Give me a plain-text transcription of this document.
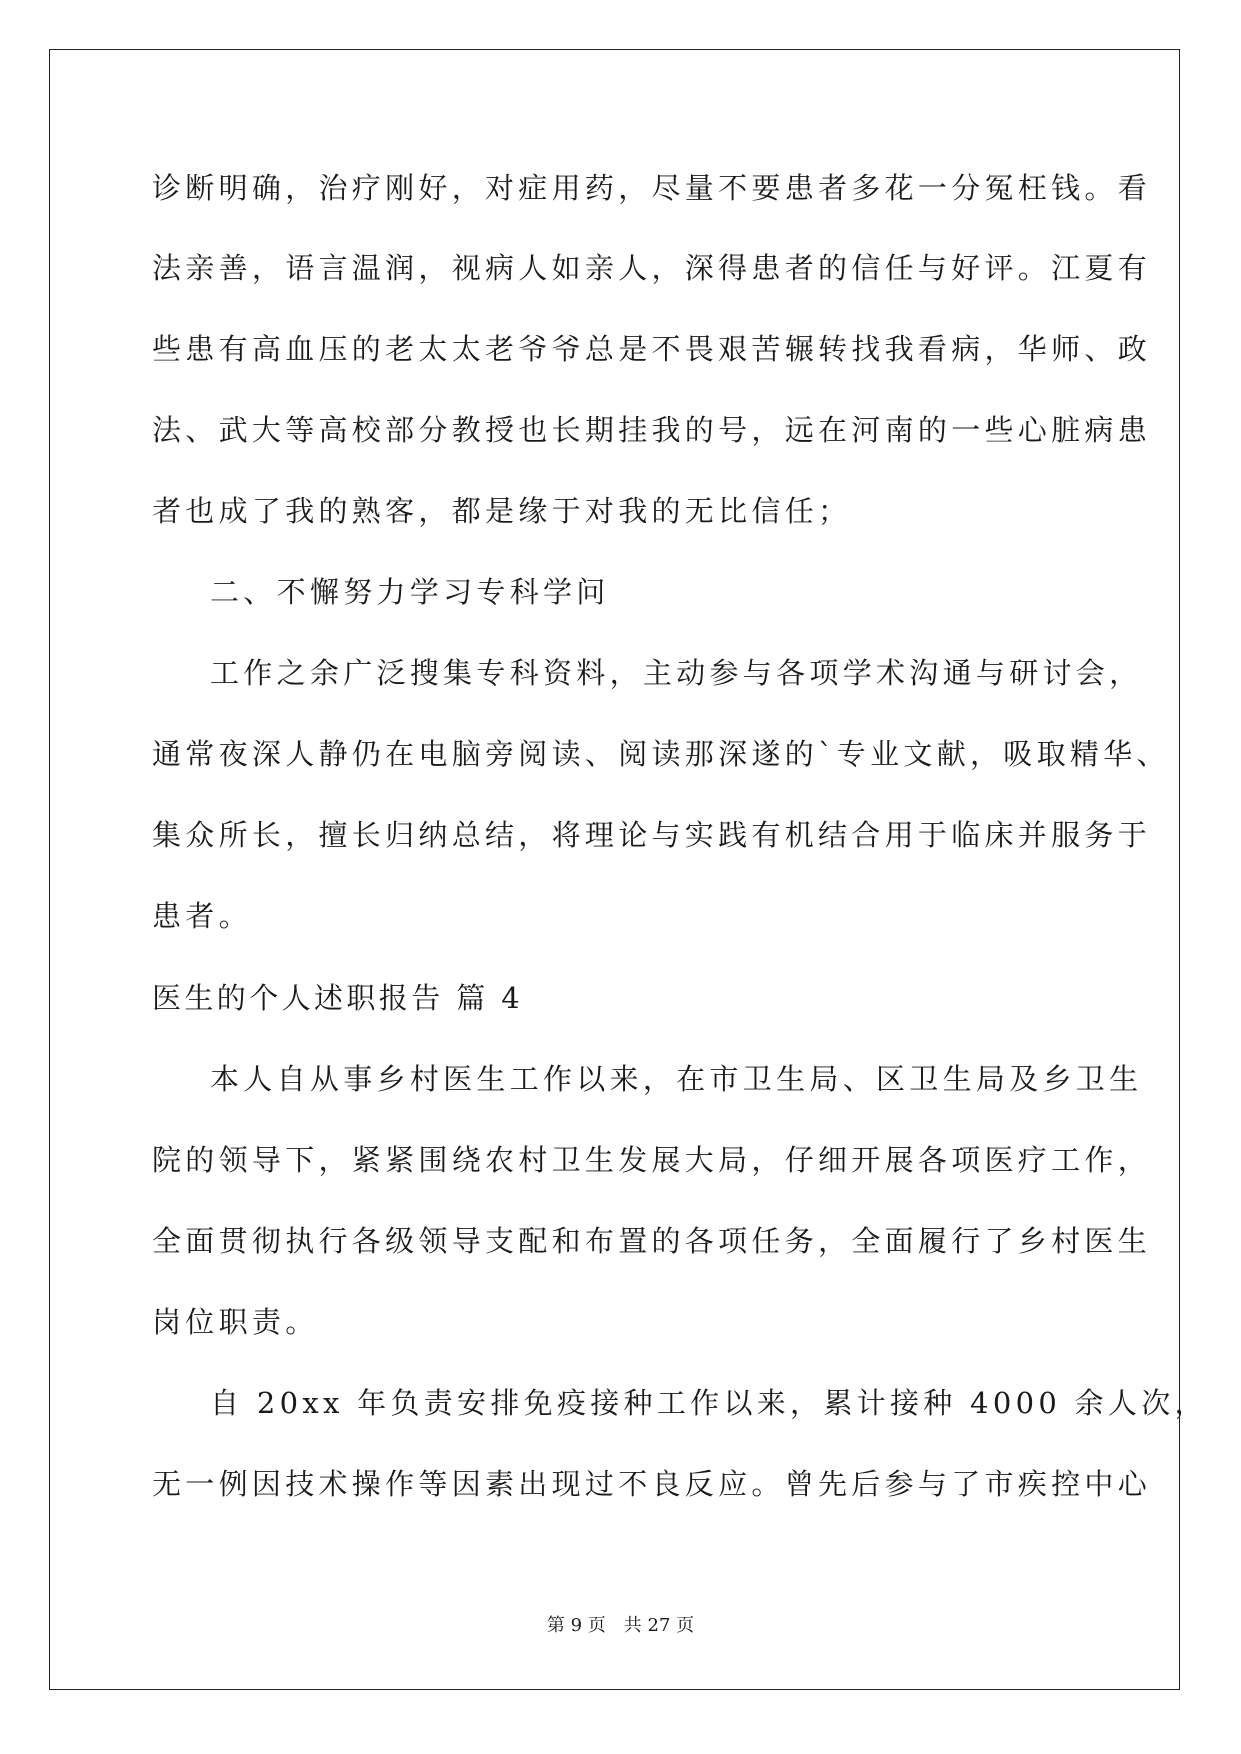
诊断明确，治疗刚好，对症用药，尽量不要患者多花一分冤枉钱。看
法亲善，语言温润，视病人如亲人，深得患者的信任与好评。江夏有
些患有高血压的老太太老爷爷总是不畏艰苦辗转找我看病，华师、政
法、武大等高校部分教授也长期挂我的号，远在河南的一些心脏病患
者也成了我的熟客，都是缘于对我的无比信任；
二、不懈努力学习专科学问
工作之余广泛搜集专科资料，主动参与各项学术沟通与研讨会，
通常夜深人静仍在电脑旁阅读、阅读那深遂的`专业文献，吸取精华、
集众所长，擅长归纳总结，将理论与实践有机结合用于临床并服务于
患者。
医生的个人述职报告 篇 4
本人自从事乡村医生工作以来，在市卫生局、区卫生局及乡卫生
院的领导下，紧紧围绕农村卫生发展大局，仔细开展各项医疗工作，
全面贯彻执行各级领导支配和布置的各项任务，全面履行了乡村医生
岗位职责。
自 20xx 年负责安排免疫接种工作以来，累计接种 4000 余人次，
无一例因技术操作等因素出现过不良反应。曾先后参与了市疾控中心
第 9 页　共 27 页
